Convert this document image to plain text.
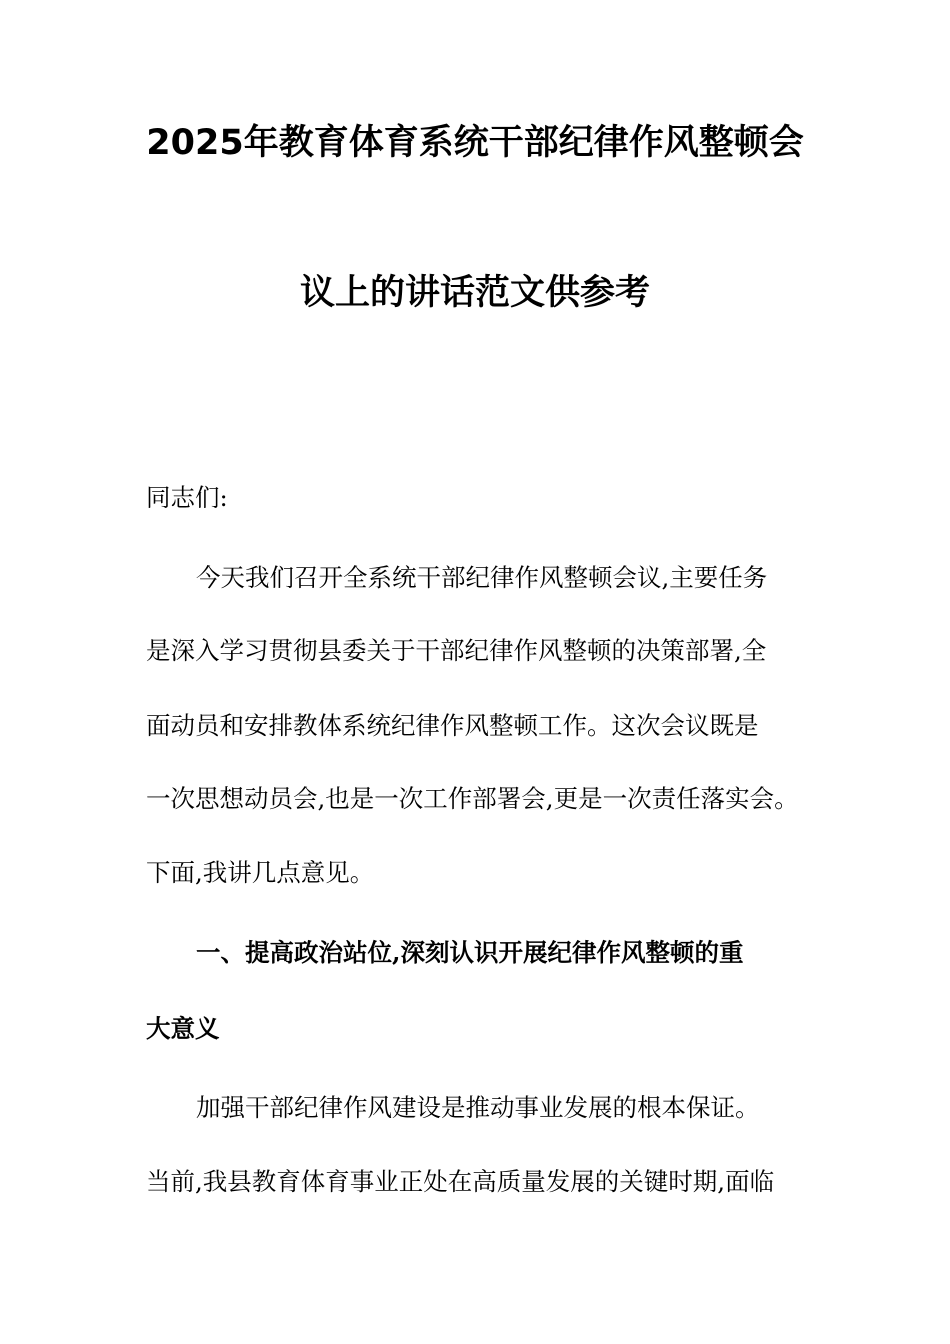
2025年教育体育系统干部纪律作风整顿会
议上的讲话范文供参考
同志们:
今天我们召开全系统干部纪律作风整顿会议,主要任务
是深入学习贯彻县委关于干部纪律作风整顿的决策部署,全
面动员和安排教体系统纪律作风整顿工作。这次会议既是
一次思想动员会,也是一次工作部署会,更是一次责任落实会。
下面,我讲几点意见。
一、提高政治站位,深刻认识开展纪律作风整顿的重
大意义
加强干部纪律作风建设是推动事业发展的根本保证。
当前,我县教育体育事业正处在高质量发展的关键时期,面临
